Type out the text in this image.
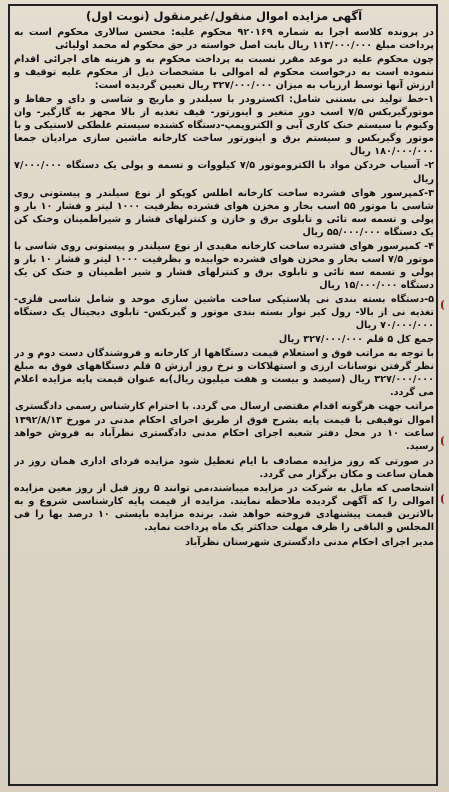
آگهی مزایده اموال منقول/غیرمنقول (نوبت اول)
در پرونده کلاسه اجرا به شماره ۹۲۰۱۶۹ محکوم علیه: محسن سالاری محکوم است به پرداخت مبلغ ۱۱۳/۰۰۰/۰۰۰ ریال بابت اصل خواسته در حق محکوم له محمد اولیائی
چون محکوم علیه در موعد مقرر نسبت به پرداخت محکوم به و هزینه های اجرائی اقدام ننموده است به درخواست محکوم له اموالی با مشخصات ذیل از محکوم علیه توقیف و ارزش آنها توسط ارزیاب به میزان ۳۲۷/۰۰۰/۰۰۰ ریال تعیین گردیده است:
۱-خط تولید نی بستنی شامل: اکسترودر با سیلندر و ماریچ و شاسی و دای و حفاظ و موتورگیربکس ۷/۵ اسب دور متغیر و اینورتور- قیف تغذیه از بالا مجهز به گازگیر- وان وکیوم با سیستم خنک کاری آبی و الکتروپمپ-دستگاه کشنده سیستم غلطکی لاستیکی و با موتور وگیربکس و سیستم برق و اینورتور ساخت کارخانه ماشین سازی مرادیان جمعا ۱۸۰/۰۰۰/۰۰۰ ریال
۲- آسیاب خردکن مواد با الکتروموتور ۷/۵ کیلووات و تسمه و پولی یک دستگاه ۷/۰۰۰/۰۰۰ ریال
۳-کمپرسور هوای فشرده ساخت کارخانه اطلس کوپکو از نوع سیلندر و پیستونی روی شاسی با موتور ۵۵ اسب بخار و مخزن هوای فشرده بظرفیت ۱۰۰۰ لیتر و فشار ۱۰ بار و پولی و تسمه سه تائی و تابلوی برق و خازن و کنترلهای فشار و شیراطمینان وخنک کن یک دستگاه ۵۵/۰۰۰/۰۰۰ ریال
۴- کمپرسور هوای فشرده ساخت کارخانه مفیدی از نوع سیلندر و پیستونی روی شاسی با موتور ۷/۵ اسب بخار و مخزن هوای فشرده خوابیده و بظرفیت ۱۰۰۰ لیتر و فشار ۱۰ بار و پولی و تسمه سه تائی و تابلوی برق و کنترلهای فشار و شیر اطمینان و خنک کن یک دستگاه ۱۵/۰۰۰/۰۰۰ ریال
۵-دستگاه بسته بندی نی پلاستیکی ساخت ماشین سازی موحد و شامل شاسی فلزی- تغذیه نی از بالا- رول کیر نوار بسته بندی موتور و گیربکس- تابلوی دیجیتال یک دستگاه ۷۰/۰۰۰/۰۰۰ ریال
جمع کل ۵ قلم ۳۲۷/۰۰۰/۰۰۰ ریال
با توجه به مراتب فوق و استعلام قیمت دستگاهها از کارخانه و فروشندگان دست دوم و در نظر گرفتن نوسانات ارزی و استهلاکات و نرخ روز ارزش ۵ قلم دستگاههای فوق به مبلغ ۳۲۷/۰۰۰/۰۰۰ ریال (سیصد و بیست و هفت میلیون ریال)به عنوان قیمت پایه مزایده اعلام می گردد.
مراتب جهت هرگونه اقدام مقتضی ارسال می گردد. با احترام کارشناس رسمی دادگستری
اموال توقیفی با قیمت پایه بشرح فوق از طریق اجرای احکام مدنی در مورخ ۱۳۹۲/۸/۱۳ ساعت ۱۰ در محل دفتر شعبه اجرای احکام مدنی دادگستری نظرآباد به فروش خواهد رسید.
در صورتی که روز مزایده مصادف با ایام تعطیل شود مزایده فردای اداری همان روز در همان ساعت و مکان برگزار می گردد.
اشخاصی که مایل به شرکت در مزایده میباشند،می توانند ۵ روز قبل از روز معین مزایده اموالی را که آگهی گردیده ملاحظه نمایند. مزایده از قیمت پایه کارشناسی شروع و به بالاترین قیمت پیشنهادی فروخته خواهد شد. برنده مزایده بایستی ۱۰ درصد بها را فی المجلس و الباقی را ظرف مهلت حداکثر یک ماه پرداخت نماید.
مدیر اجرای احکام مدنی دادگستری شهرستان نظرآباد
